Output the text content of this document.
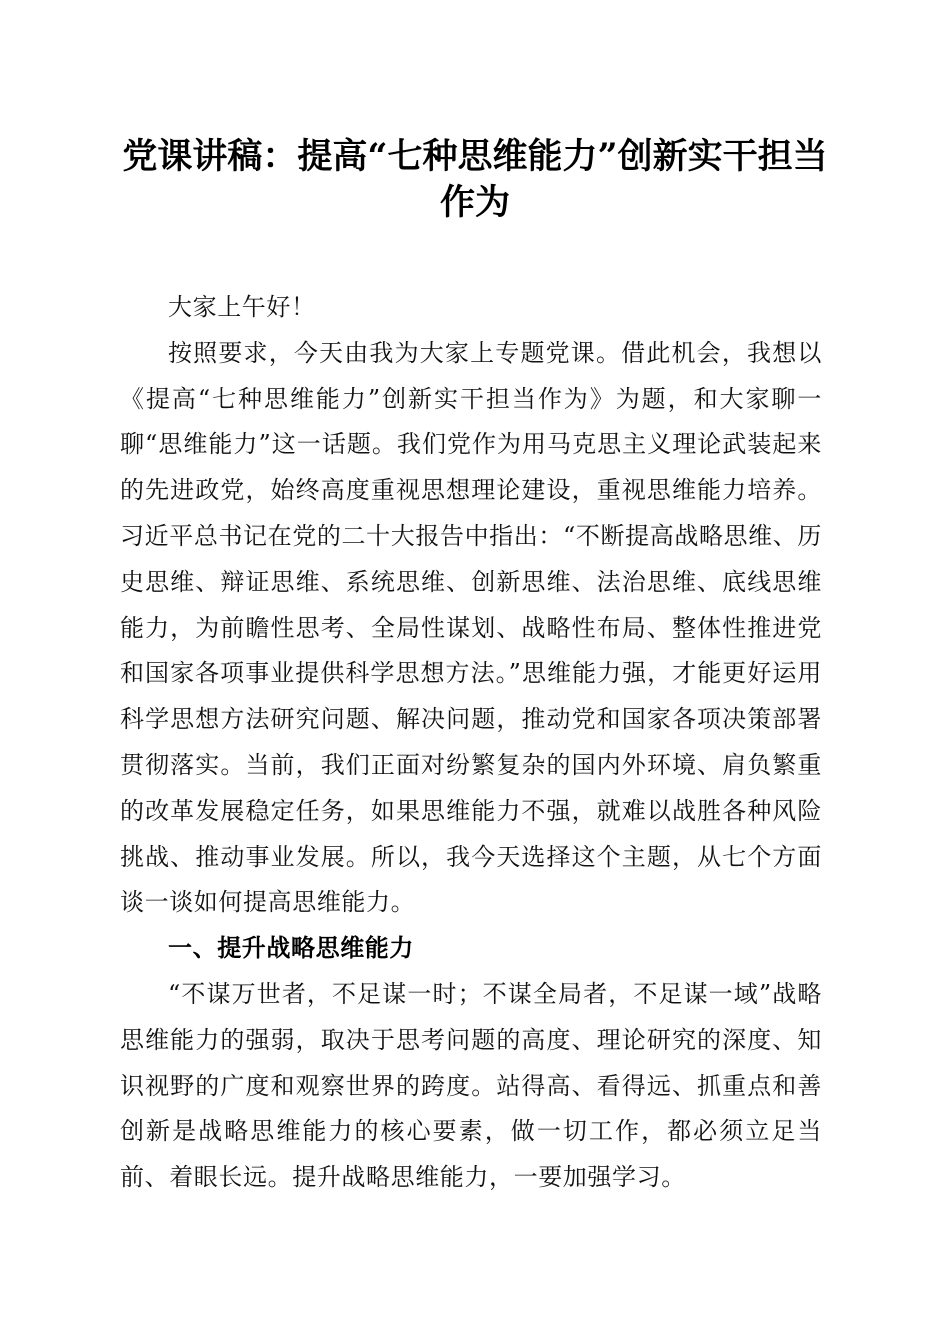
党课讲稿：提高“七种思维能力”创新实干担当作为

大家上午好！

按照要求，今天由我为大家上专题党课。借此机会，我想以《提高“七种思维能力”创新实干担当作为》为题，和大家聊一聊“思维能力”这一话题。我们党作为用马克思主义理论武装起来的先进政党，始终高度重视思想理论建设，重视思维能力培养。习近平总书记在党的二十大报告中指出：“不断提高战略思维、历史思维、辩证思维、系统思维、创新思维、法治思维、底线思维能力，为前瞻性思考、全局性谋划、战略性布局、整体性推进党和国家各项事业提供科学思想方法。”思维能力强，才能更好运用科学思想方法研究问题、解决问题，推动党和国家各项决策部署贯彻落实。当前，我们正面对纷繁复杂的国内外环境、肩负繁重的改革发展稳定任务，如果思维能力不强，就难以战胜各种风险挑战、推动事业发展。所以，我今天选择这个主题，从七个方面谈一谈如何提高思维能力。

一、提升战略思维能力

“不谋万世者，不足谋一时；不谋全局者，不足谋一域”战略思维能力的强弱，取决于思考问题的高度、理论研究的深度、知识视野的广度和观察世界的跨度。站得高、看得远、抓重点和善创新是战略思维能力的核心要素，做一切工作，都必须立足当前、着眼长远。提升战略思维能力，一要加强学习。
